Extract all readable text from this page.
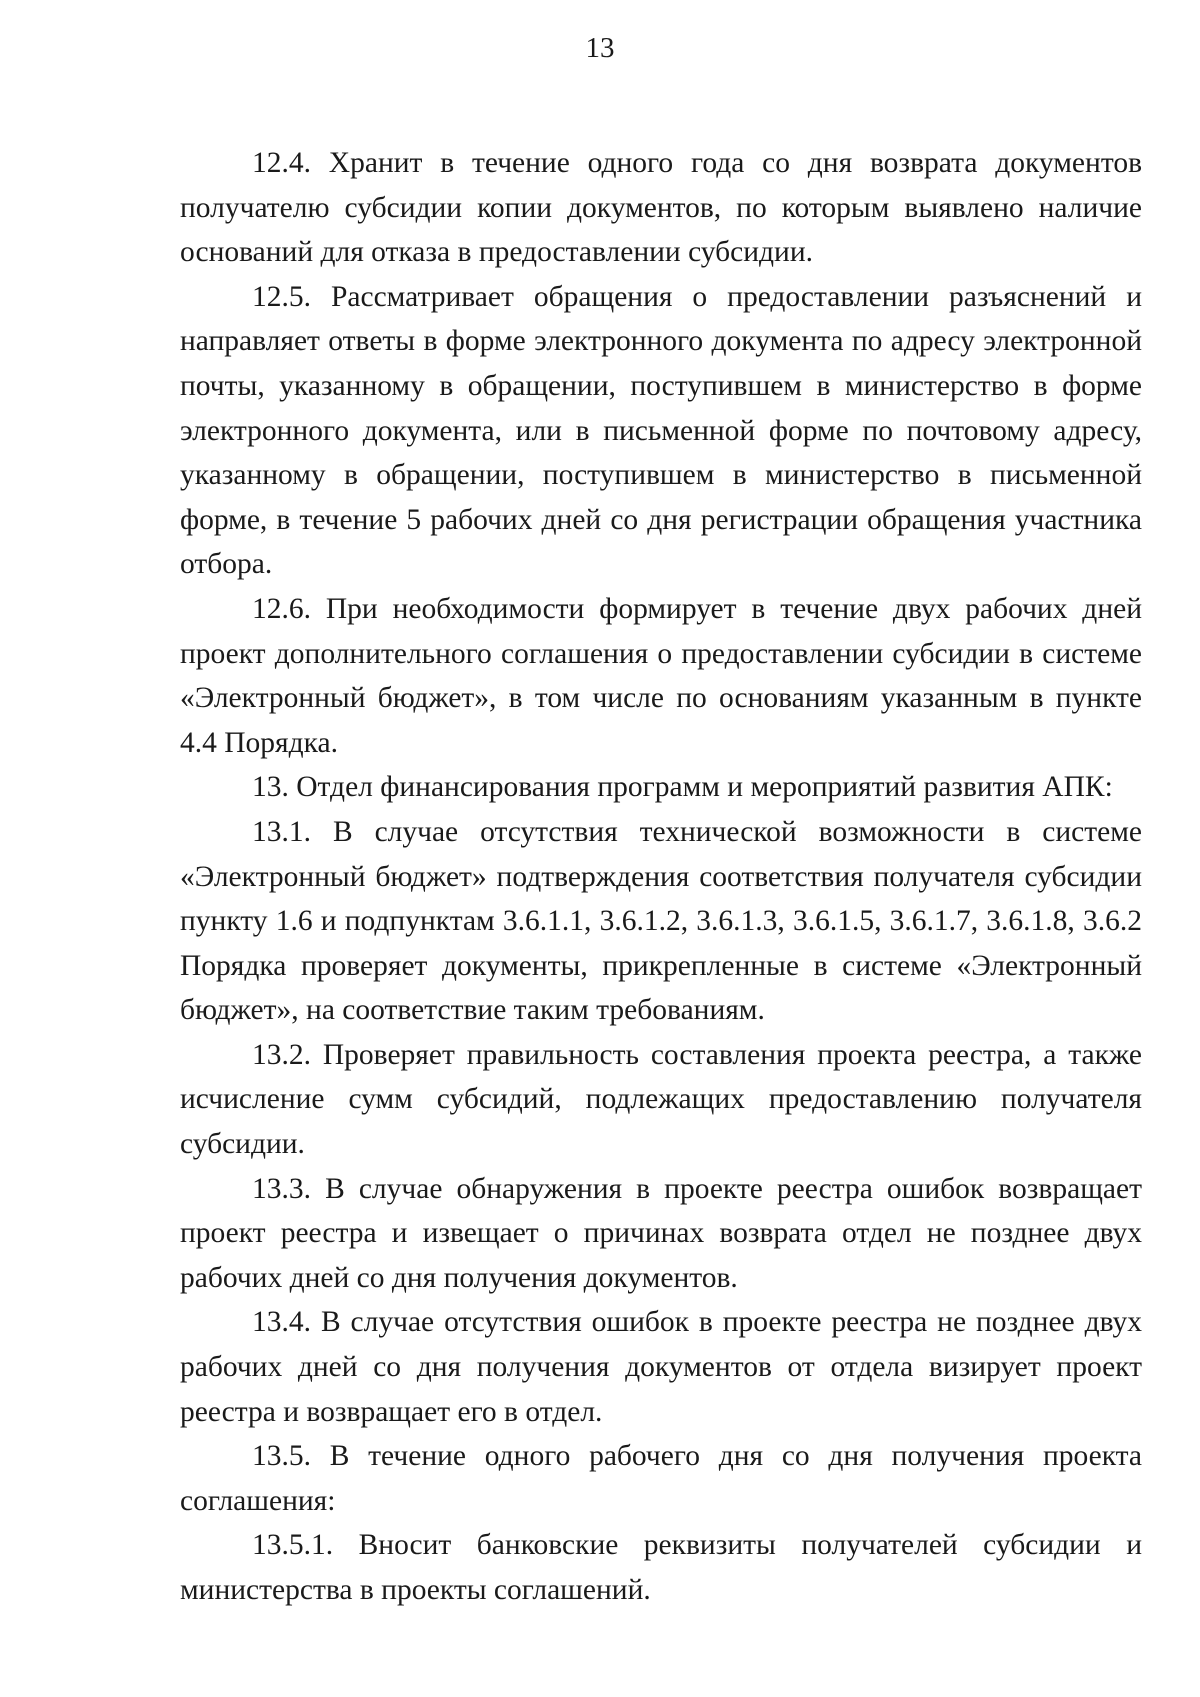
13

12.4. Хранит в течение одного года со дня возврата документов получателю субсидии копии документов, по которым выявлено наличие оснований для отказа в предоставлении субсидии.

12.5. Рассматривает обращения о предоставлении разъяснений и направляет ответы в форме электронного документа по адресу электронной почты, указанному в обращении, поступившем в министерство в форме электронного документа, или в письменной форме по почтовому адресу, указанному в обращении, поступившем в министерство в письменной форме, в течение 5 рабочих дней со дня регистрации обращения участника отбора.

12.6. При необходимости формирует в течение двух рабочих дней проект дополнительного соглашения о предоставлении субсидии в системе «Электронный бюджет», в том числе по основаниям указанным в пункте 4.4 Порядка.

13. Отдел финансирования программ и мероприятий развития АПК:

13.1. В случае отсутствия технической возможности в системе «Электронный бюджет» подтверждения соответствия получателя субсидии пункту 1.6 и подпунктам 3.6.1.1, 3.6.1.2, 3.6.1.3, 3.6.1.5, 3.6.1.7, 3.6.1.8, 3.6.2 Порядка проверяет документы, прикрепленные в системе «Электронный бюджет», на соответствие таким требованиям.

13.2. Проверяет правильность составления проекта реестра, а также исчисление сумм субсидий, подлежащих предоставлению получателя субсидии.

13.3. В случае обнаружения в проекте реестра ошибок возвращает проект реестра и извещает о причинах возврата отдел не позднее двух рабочих дней со дня получения документов.

13.4. В случае отсутствия ошибок в проекте реестра не позднее двух рабочих дней со дня получения документов от отдела визирует проект реестра и возвращает его в отдел.

13.5. В течение одного рабочего дня со дня получения проекта соглашения:

13.5.1. Вносит банковские реквизиты получателей субсидии и министерства в проекты соглашений.
